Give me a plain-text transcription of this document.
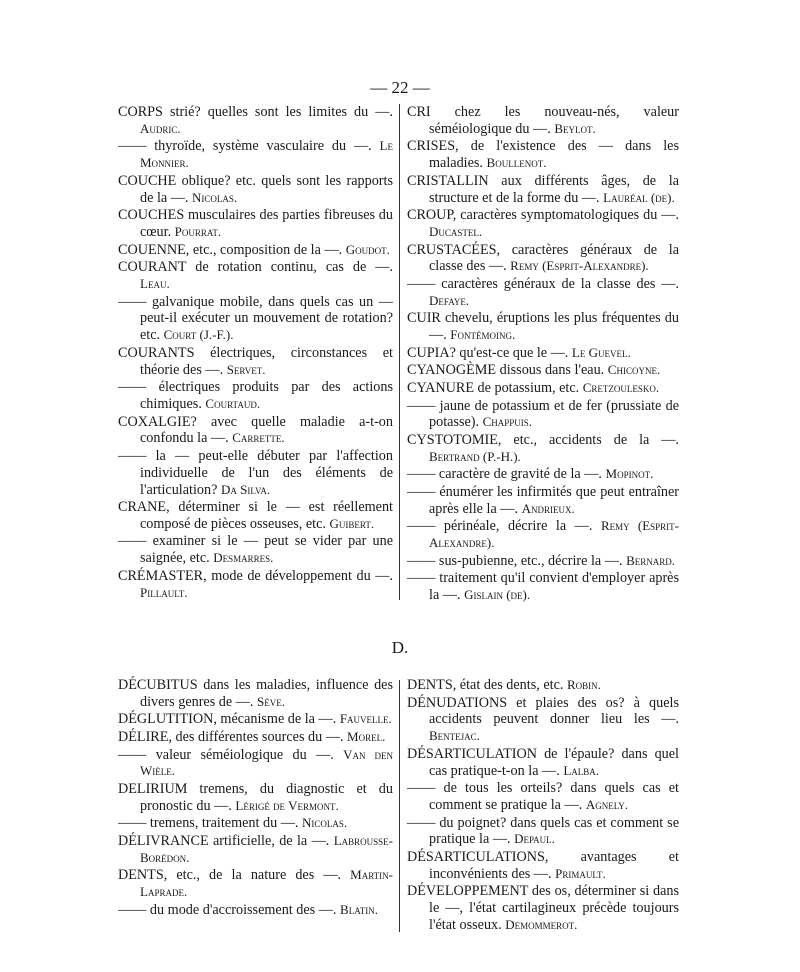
— 22 —
CORPS strié? quelles sont les limites du —. Audric.
—— thyroïde, système vasculaire du —. Le Monnier.
COUCHE oblique? etc. quels sont les rapports de la —. Nicolas.
COUCHES musculaires des parties fibreuses du cœur. Pourrat.
COUENNE, etc., composition de la —. Goudot.
COURANT de rotation continu, cas de —. Leau.
—— galvanique mobile, dans quels cas un — peut-il exécuter un mouvement de rotation? etc. Court (J.-F.).
COURANTS électriques, circonstances et théorie des —. Servet.
—— électriques produits par des actions chimiques. Courtaud.
COXALGIE? avec quelle maladie a-t-on confondu la —. Carrette.
—— la — peut-elle débuter par l'affection individuelle de l'un des éléments de l'articulation? Da Silva.
CRANE, déterminer si le — est réellement composé de pièces osseuses, etc. Guibert.
—— examiner si le — peut se vider par une saignée, etc. Desmarres.
CRÉMASTER, mode de développement du —. Pillault.
CRI chez les nouveau-nés, valeur séméiologique du —. Beylot.
CRISES, de l'existence des — dans les maladies. Boullenot.
CRISTALLIN aux différents âges, de la structure et de la forme du —. Lauréal (de).
CROUP, caractères symptomatologiques du —. Ducastel.
CRUSTACÉES, caractères généraux de la classe des —. Remy (Esprit-Alexandre).
—— caractères généraux de la classe des —. Defaye.
CUIR chevelu, éruptions les plus fréquentes du —. Fontémoing.
CUPIA? qu'est-ce que le —. Le Guevel.
CYANOGÈME dissous dans l'eau. Chicoyne.
CYANURE de potassium, etc. Cretzoulesko.
—— jaune de potassium et de fer (prussiate de potasse). Chappuis.
CYSTOTOMIE, etc., accidents de la —. Bertrand (P.-H.).
—— caractère de gravité de la —. Mopinot.
—— énumérer les infirmités que peut entraîner après elle la —. Andrieux.
—— périnéale, décrire la —. Remy (Esprit-Alexandre).
—— sus-pubienne, etc., décrire la —. Bernard.
—— traitement qu'il convient d'employer après la —. Gislain (de).
D.
DÉCUBITUS dans les maladies, influence des divers genres de —. Sève.
DÉGLUTITION, mécanisme de la —. Fauvelle.
DÉLIRE, des différentes sources du —. Morel.
—— valeur séméiologique du —. Van den Wièle.
DELIRIUM tremens, du diagnostic et du pronostic du —. Lérigé de Vermont.
—— tremens, traitement du —. Nicolas.
DÉLIVRANCE artificielle, de la —. Labrousse-Borédon.
DENTS, etc., de la nature des —. Martin-Laprade.
—— du mode d'accroissement des —. Blatin.
DENTS, état des dents, etc. Robin.
DÉNUDATIONS et plaies des os? à quels accidents peuvent donner lieu les —. Bentejac.
DÉSARTICULATION de l'épaule? dans quel cas pratique-t-on la —. Lalba.
—— de tous les orteils? dans quels cas et comment se pratique la —. Agnely.
—— du poignet? dans quels cas et comment se pratique la —. Depaul.
DÉSARTICULATIONS, avantages et inconvénients des —. Primault.
DÉVELOPPEMENT des os, déterminer si dans le —, l'état cartilagineux précède toujours l'état osseux. Demommerot.
